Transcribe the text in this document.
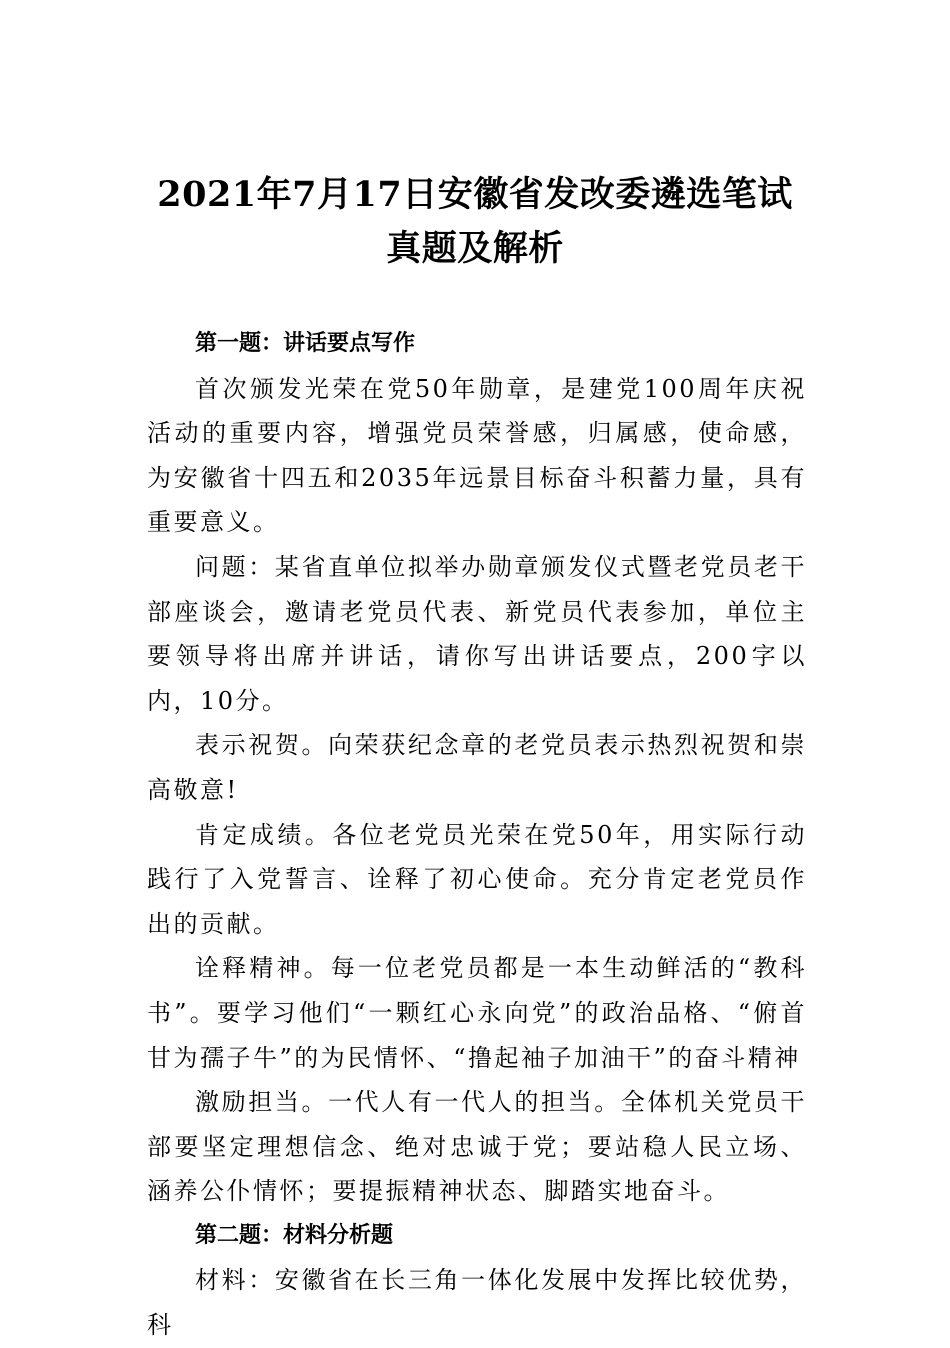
2021年7月17日安徽省发改委遴选笔试真题及解析
第一题：讲话要点写作

首次颁发光荣在党50年勋章，是建党100周年庆祝活动的重要内容，增强党员荣誉感，归属感，使命感，为安徽省十四五和2035年远景目标奋斗积蓄力量，具有重要意义。

问题：某省直单位拟举办勋章颁发仪式暨老党员老干部座谈会，邀请老党员代表、新党员代表参加，单位主要领导将出席并讲话，请你写出讲话要点，200字以内，10分。

表示祝贺。向荣获纪念章的老党员表示热烈祝贺和崇高敬意!

肯定成绩。各位老党员光荣在党50年，用实际行动践行了入党誓言、诠释了初心使命。充分肯定老党员作出的贡献。

诠释精神。每一位老党员都是一本生动鲜活的“教科书”。要学习他们“一颗红心永向党”的政治品格、“俯首甘为孺子牛”的为民情怀、“撸起袖子加油干”的奋斗精神

激励担当。一代人有一代人的担当。全体机关党员干部要坚定理想信念、绝对忠诚于党；要站稳人民立场、涵养公仆情怀；要提振精神状态、脚踏实地奋斗。

第二题：材料分析题

材料：安徽省在长三角一体化发展中发挥比较优势，科
